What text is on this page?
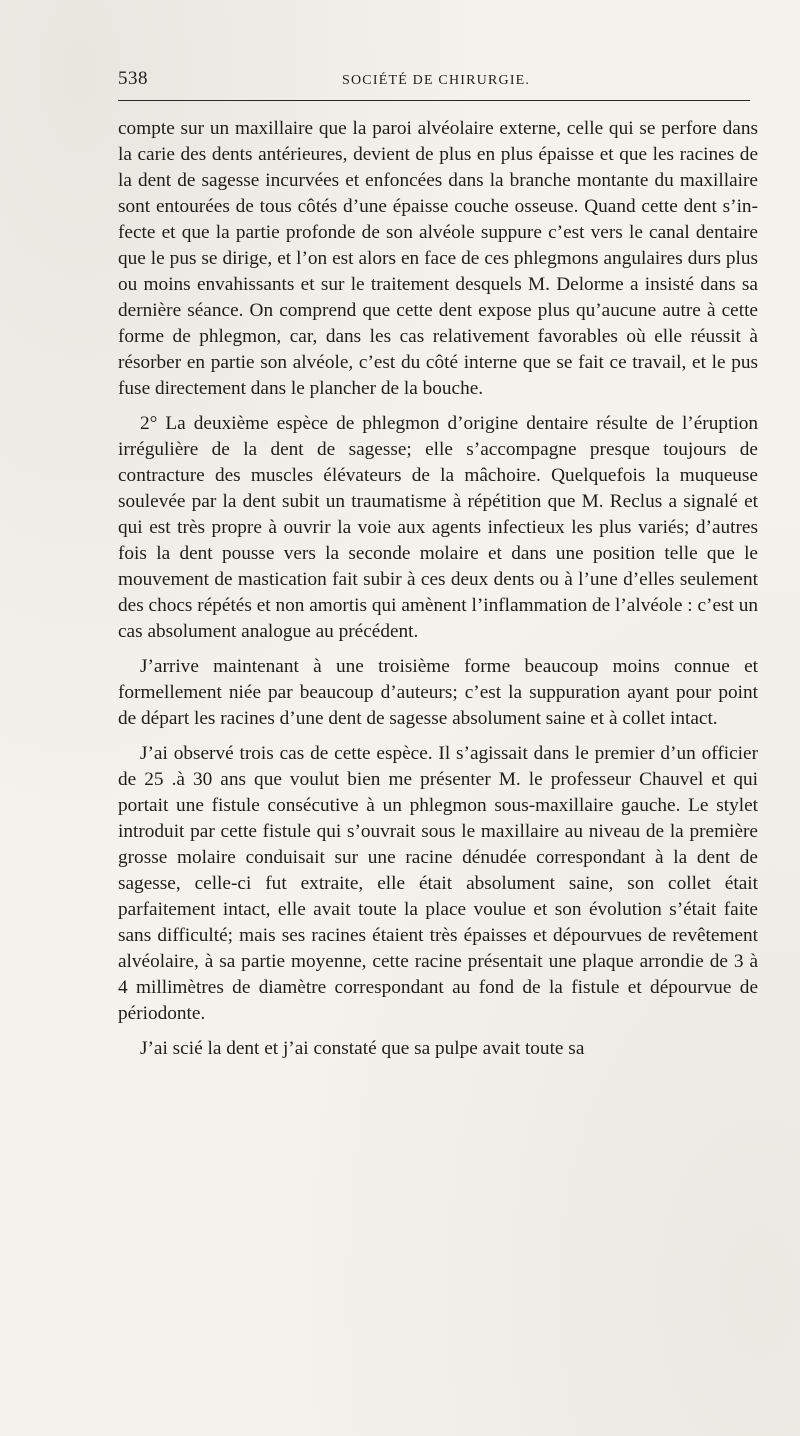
538	SOCIÉTÉ DE CHIRURGIE.

compte sur un maxillaire que la paroi alvéolaire externe, celle qui se perfore dans la carie des dents antérieures, devient de plus en plus épaisse et que les racines de la dent de sagesse incurvées et enfoncées dans la branche montante du maxillaire sont entourées de tous côtés d’une épaisse couche osseuse. Quand cette dent s’infecte et que la partie profonde de son alvéole suppure c’est vers le canal dentaire que le pus se dirige, et l’on est alors en face de ces phlegmons angulaires durs plus ou moins envahissants et sur le traitement desquels M. Delorme a insisté dans sa dernière séance. On comprend que cette dent expose plus qu’aucune autre à cette forme de phlegmon, car, dans les cas relativement favorables où elle réussit à résorber en partie son alvéole, c’est du côté interne que se fait ce travail, et le pus fuse directement dans le plancher de la bouche.

2° La deuxième espèce de phlegmon d’origine dentaire résulte de l’éruption irrégulière de la dent de sagesse; elle s’accompagne presque toujours de contracture des muscles élévateurs de la mâchoire. Quelquefois la muqueuse soulevée par la dent subit un traumatisme à répétition que M. Reclus a signalé et qui est très propre à ouvrir la voie aux agents infectieux les plus variés; d’autres fois la dent pousse vers la seconde molaire et dans une position telle que le mouvement de mastication fait subir à ces deux dents ou à l’une d’elles seulement des chocs répétés et non amortis qui amènent l’inflammation de l’alvéole : c’est un cas absolument analogue au précédent.

J’arrive maintenant à une troisième forme beaucoup moins connue et formellement niée par beaucoup d’auteurs; c’est la suppuration ayant pour point de départ les racines d’une dent de sagesse absolument saine et à collet intact.

J’ai observé trois cas de cette espèce. Il s’agissait dans le premier d’un officier de 25 .à 30 ans que voulut bien me présenter M. le professeur Chauvel et qui portait une fistule consécutive à un phlegmon sous-maxillaire gauche. Le stylet introduit par cette fistule qui s’ouvrait sous le maxillaire au niveau de la première grosse molaire conduisait sur une racine dénudée correspondant à la dent de sagesse, celle-ci fut extraite, elle était absolument saine, son collet était parfaitement intact, elle avait toute la place voulue et son évolution s’était faite sans difficulté; mais ses racines étaient très épaisses et dépourvues de revêtement alvéolaire, à sa partie moyenne, cette racine présentait une plaque arrondie de 3 à 4 millimètres de diamètre correspondant au fond de la fistule et dépourvue de périodonte.

J’ai scié la dent et j’ai constaté que sa pulpe avait toute sa
